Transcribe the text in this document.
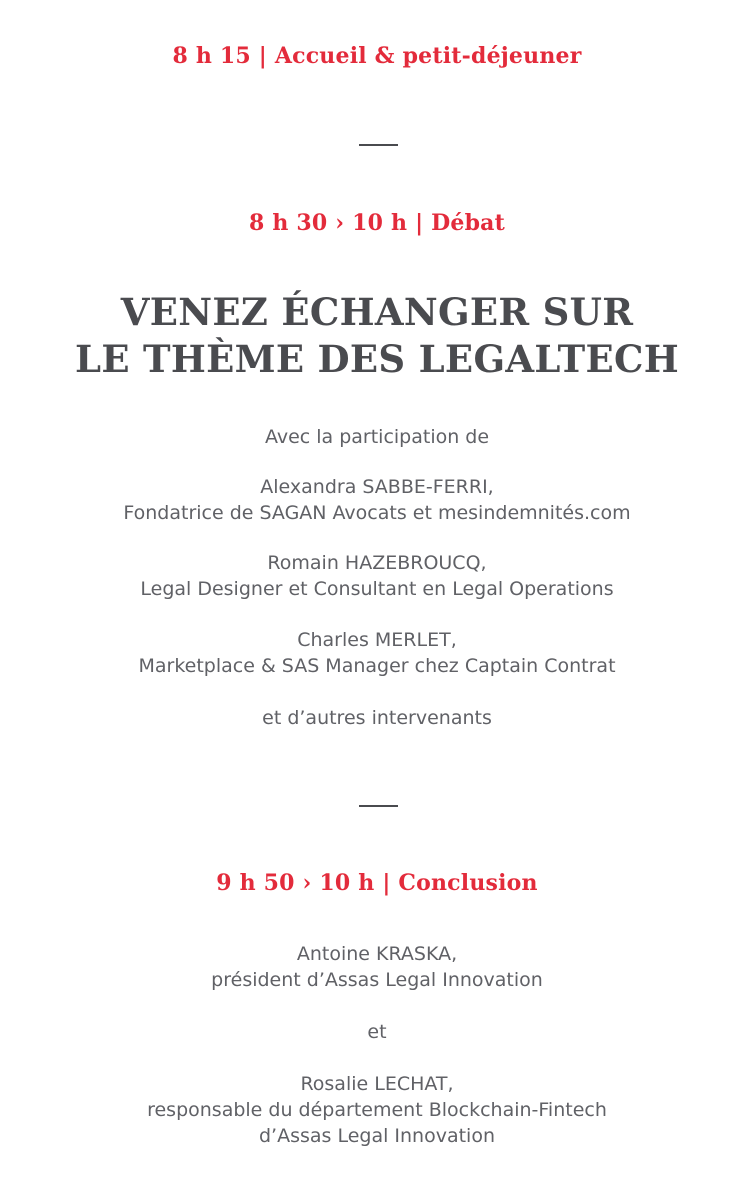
8 h 15 | Accueil & petit-déjeuner
8 h 30 › 10 h | Débat
VENEZ ÉCHANGER SUR
LE THÈME DES LEGALTECH
Avec la participation de
Alexandra SABBE-FERRI,
Fondatrice de SAGAN Avocats et mesindemnités.com
Romain HAZEBROUCQ,
Legal Designer et Consultant en Legal Operations
Charles MERLET,
Marketplace & SAS Manager chez Captain Contrat
et d’autres intervenants
9 h 50 › 10 h | Conclusion
Antoine KRASKA,
président d’Assas Legal Innovation
et
Rosalie LECHAT,
responsable du département Blockchain-Fintech
d’Assas Legal Innovation
